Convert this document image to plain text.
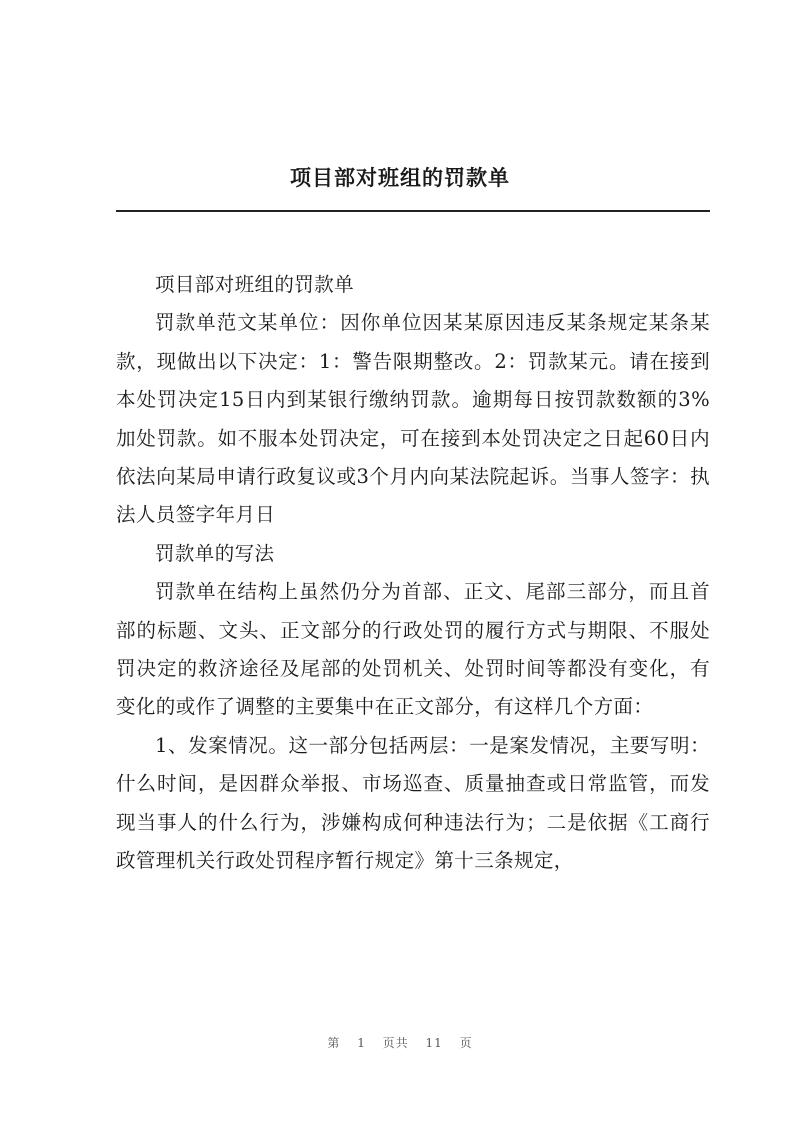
项目部对班组的罚款单

项目部对班组的罚款单

罚款单范文某单位：因你单位因某某原因违反某条规定某条某款，现做出以下决定：1：警告限期整改。2：罚款某元。请在接到本处罚决定15日内到某银行缴纳罚款。逾期每日按罚款数额的3%加处罚款。如不服本处罚决定，可在接到本处罚决定之日起60日内依法向某局申请行政复议或3个月内向某法院起诉。当事人签字：执法人员签字年月日

罚款单的写法

罚款单在结构上虽然仍分为首部、正文、尾部三部分，而且首部的标题、文头、正文部分的行政处罚的履行方式与期限、不服处罚决定的救济途径及尾部的处罚机关、处罚时间等都没有变化，有变化的或作了调整的主要集中在正文部分，有这样几个方面：

1、发案情况。这一部分包括两层：一是案发情况，主要写明：什么时间，是因群众举报、市场巡查、质量抽查或日常监管，而发现当事人的什么行为，涉嫌构成何种违法行为；二是依据《工商行政管理机关行政处罚程序暂行规定》第十三条规定，

第 1 页共 11 页
